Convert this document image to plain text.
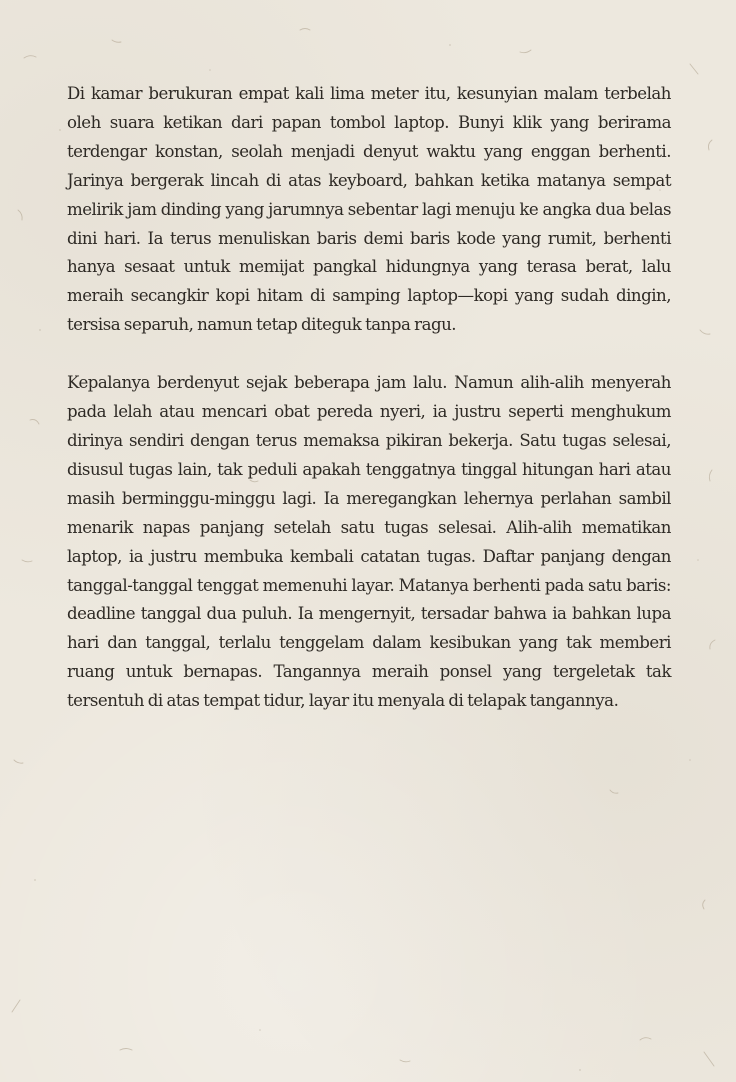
Di kamar berukuran empat kali lima meter itu, kesunyian malam terbelah oleh suara ketikan dari papan tombol laptop. Bunyi klik yang berirama terdengar konstan, seolah menjadi denyut waktu yang enggan berhenti. Jarinya bergerak lincah di atas keyboard, bahkan ketika matanya sempat melirik jam dinding yang jarumnya sebentar lagi menuju ke angka dua belas dini hari. Ia terus menuliskan baris demi baris kode yang rumit, berhenti hanya sesaat untuk memijat pangkal hidungnya yang terasa berat, lalu meraih secangkir kopi hitam di samping laptop—kopi yang sudah dingin, tersisa separuh, namun tetap diteguk tanpa ragu.

Kepalanya berdenyut sejak beberapa jam lalu. Namun alih-alih menyerah pada lelah atau mencari obat pereda nyeri, ia justru seperti menghukum dirinya sendiri dengan terus memaksa pikiran bekerja. Satu tugas selesai, disusul tugas lain, tak peduli apakah tenggatnya tinggal hitungan hari atau masih berminggu-minggu lagi. Ia meregangkan lehernya perlahan sambil menarik napas panjang setelah satu tugas selesai. Alih-alih mematikan laptop, ia justru membuka kembali catatan tugas. Daftar panjang dengan tanggal-tanggal tenggat memenuhi layar. Matanya berhenti pada satu baris: deadline tanggal dua puluh. Ia mengernyit, tersadar bahwa ia bahkan lupa hari dan tanggal, terlalu tenggelam dalam kesibukan yang tak memberi ruang untuk bernapas. Tangannya meraih ponsel yang tergeletak tak tersentuh di atas tempat tidur, layar itu menyala di telapak tangannya.
